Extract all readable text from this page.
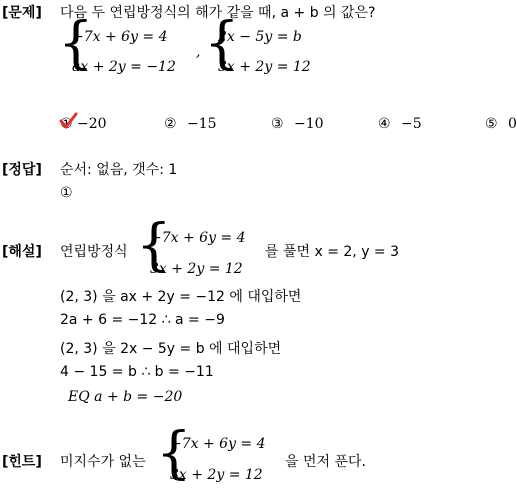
[문제] 다음 두 연립방정식의 해가 같을 때, a + b 의 값은?
{
−7x + 6y = 4
ax + 2y = −12
, {
2x − 5y = b
3x + 2y = 12
① −20	② −15	③ −10	④ −5	⑤ 0
[정답] 순서: 없음, 갯수: 1
①
[해설] 연립방정식 {
−7x + 6y = 4
3x + 2y = 12
를 풀면 x = 2, y = 3
(2, 3) 을 ax + 2y = −12 에 대입하면
2a + 6 = −12 ∴ a = −9
(2, 3) 을 2x − 5y = b 에 대입하면
4 − 15 = b ∴ b = −11
EQ a + b = −20
[힌트] 미지수가 없는 {
−7x + 6y = 4
3x + 2y = 12
을 먼저 푼다.
